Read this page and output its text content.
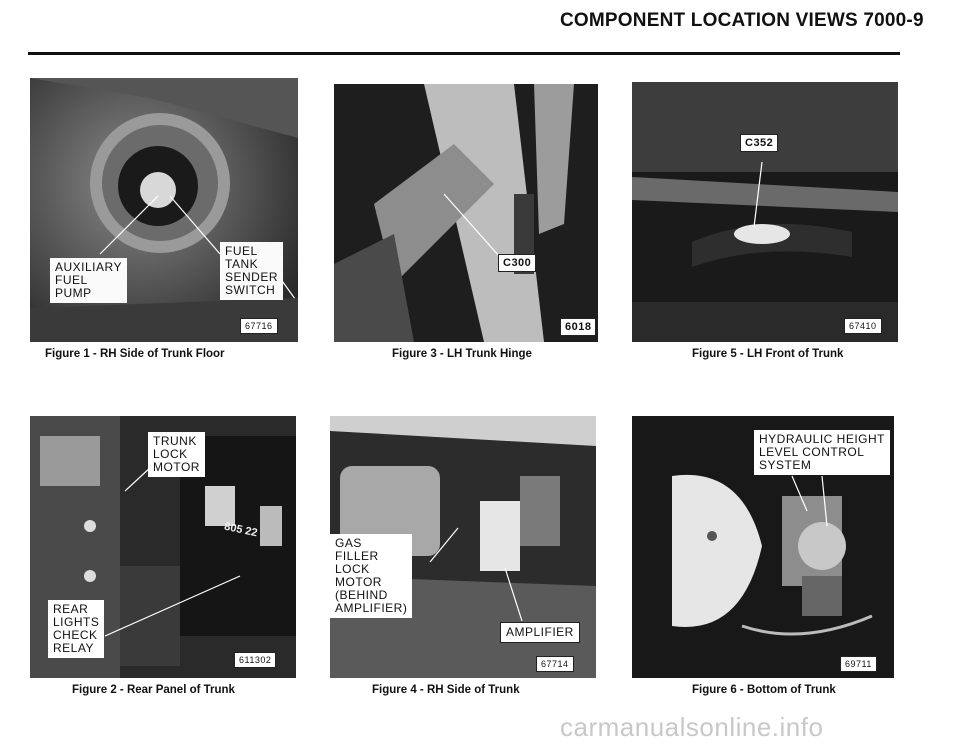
COMPONENT LOCATION VIEWS 7000-9
AUXILIARY
FUEL
PUMP
FUEL
TANK
SENDER
SWITCH
67716
Figure 1 - RH Side of Trunk Floor
C300
6018
Figure 3 - LH Trunk Hinge
C352
67410
Figure 5 - LH Front of Trunk
TRUNK
LOCK
MOTOR
REAR
LIGHTS
CHECK
RELAY
805 22
611302
Figure 2 - Rear Panel of Trunk
GAS
FILLER
LOCK
MOTOR
(BEHIND
AMPLIFIER)
AMPLIFIER
67714
Figure 4 - RH Side of Trunk
HYDRAULIC HEIGHT
LEVEL CONTROL
SYSTEM
69711
Figure 6 - Bottom of Trunk
carmanualsonline.info
